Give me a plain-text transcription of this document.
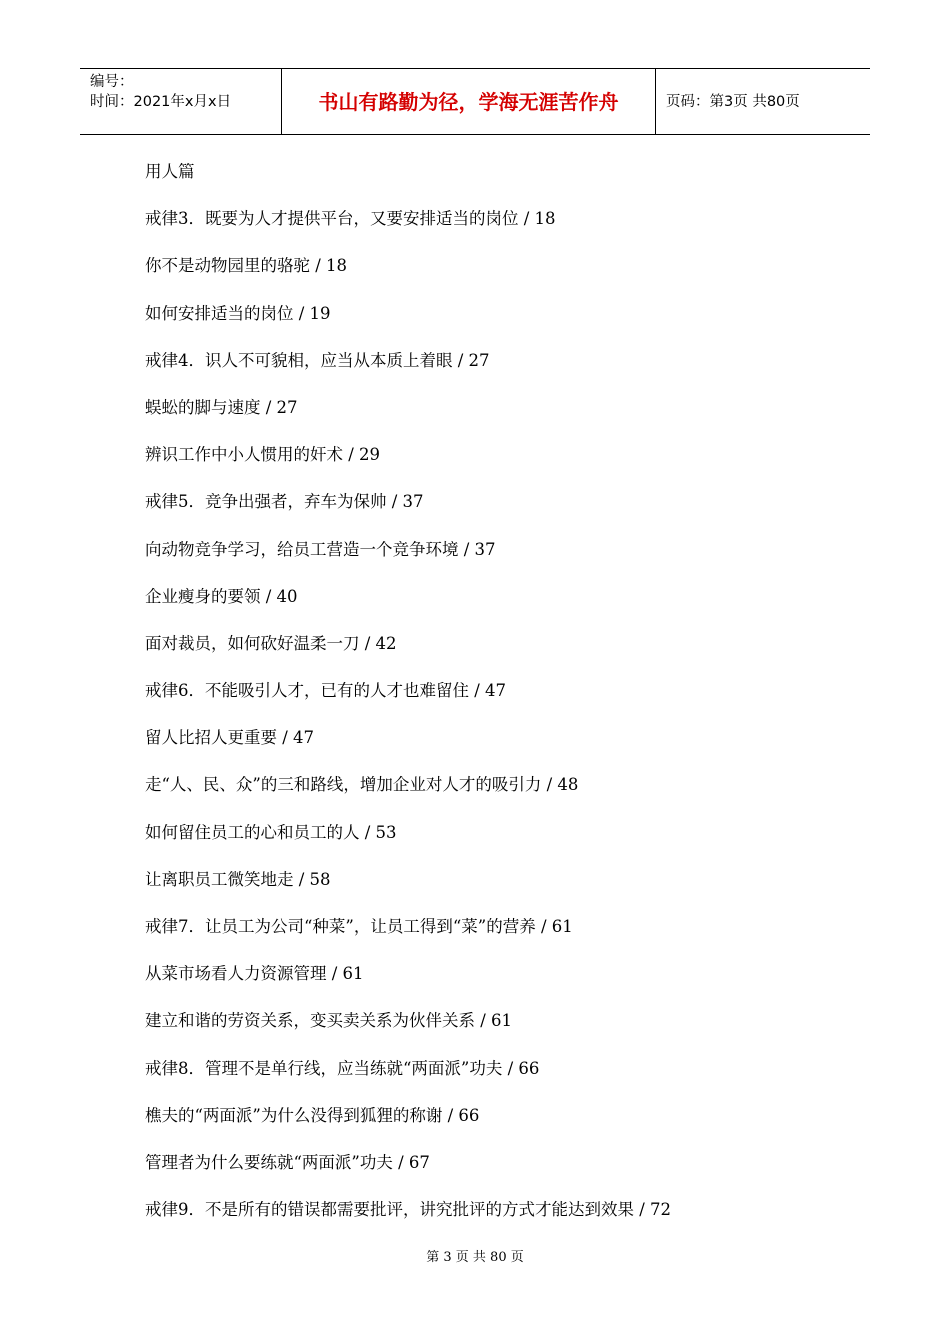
编号：
时间：2021年x月x日	书山有路勤为径，学海无涯苦作舟	页码：第3页 共80页
用人篇
戒律3．既要为人才提供平台，又要安排适当的岗位 / 18
你不是动物园里的骆驼 / 18
如何安排适当的岗位 / 19
戒律4．识人不可貌相，应当从本质上着眼 / 27
蜈蚣的脚与速度 / 27
辨识工作中小人惯用的奸术 / 29
戒律5．竞争出强者，弃车为保帅 / 37
向动物竞争学习，给员工营造一个竞争环境 / 37
企业瘦身的要领 / 40
面对裁员，如何砍好温柔一刀 / 42
戒律6．不能吸引人才，已有的人才也难留住 / 47
留人比招人更重要 / 47
走“人、民、众”的三和路线，增加企业对人才的吸引力 / 48
如何留住员工的心和员工的人 / 53
让离职员工微笑地走 / 58
戒律7．让员工为公司“种菜”，让员工得到“菜”的营养 / 61
从菜市场看人力资源管理 / 61
建立和谐的劳资关系，变买卖关系为伙伴关系 / 61
戒律8．管理不是单行线，应当练就“两面派”功夫 / 66
樵夫的“两面派”为什么没得到狐狸的称谢 / 66
管理者为什么要练就“两面派”功夫 / 67
戒律9．不是所有的错误都需要批评，讲究批评的方式才能达到效果 / 72
第 3 页 共 80 页
